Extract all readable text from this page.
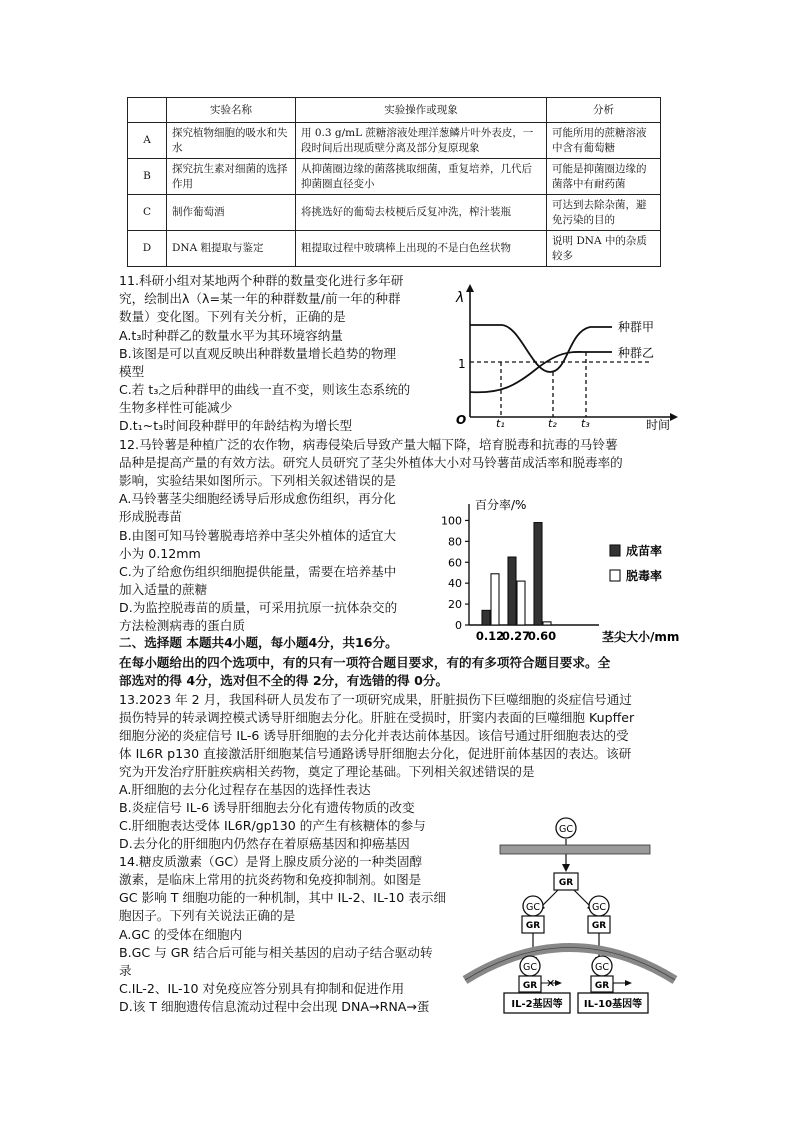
	实验名称	实验操作或现象	分析
A	探究植物细胞的吸水和失水	用 0.3 g/mL 蔗糖溶液处理洋葱鳞片叶外表皮，一段时间后出现质壁分离及部分复原现象	可能所用的蔗糖溶液中含有葡萄糖
B	探究抗生素对细菌的选择作用	从抑菌圈边缘的菌落挑取细菌，重复培养，几代后抑菌圈直径变小	可能是抑菌圈边缘的菌落中有耐药菌
C	制作葡萄酒	将挑选好的葡萄去枝梗后反复冲洗，榨汁装瓶	可达到去除杂菌，避免污染的目的
D	DNA 粗提取与鉴定	粗提取过程中玻璃棒上出现的不是白色丝状物	说明 DNA 中的杂质较多
11.科研小组对某地两个种群的数量变化进行多年研
究，绘制出λ（λ=某一年的种群数量/前一年的种群
数量）变化图。下列有关分析，正确的是
A.t₃时种群乙的数量水平为其环境容纳量
B.该图是可以直观反映出种群数量增长趋势的物理
模型
C.若 t₃之后种群甲的曲线一直不变，则该生态系统的
生物多样性可能减少
D.t₁~t₃时间段种群甲的年龄结构为增长型
λ
O
1
时间
t₁	t₂ t₃
种群甲
种群乙
12.马铃薯是种植广泛的农作物，病毒侵染后导致产量大幅下降，培育脱毒和抗毒的马铃薯
品种是提高产量的有效方法。研究人员研究了茎尖外植体大小对马铃薯苗成活率和脱毒率的
影响，实验结果如图所示。下列相关叙述错误的是
A.马铃薯茎尖细胞经诱导后形成愈伤组织，再分化
形成脱毒苗
B.由图可知马铃薯脱毒培养中茎尖外植体的适宜大
小为 0.12mm
C.为了给愈伤组织细胞提供能量，需要在培养基中
加入适量的蔗糖
D.为监控脱毒苗的质量，可采用抗原一抗体杂交的
方法检测病毒的蛋白质	0
20
40
60
80
100
百分率/%
0.12
0.27
0.60	茎尖大小/mm
成苗率
脱毒率
二、选择题 本题共4小题，每小题4分，共16分。
在每小题给出的四个选项中，有的只有一项符合题目要求，有的有多项符合题目要求。全
部选对的得 4分，选对但不全的得 2分，有选错的得 0分。
13.2023 年 2 月，我国科研人员发布了一项研究成果，肝脏损伤下巨噬细胞的炎症信号通过
损伤特异的转录调控模式诱导肝细胞去分化。肝脏在受损时，肝窦内表面的巨噬细胞 Kupffer
细胞分泌的炎症信号 IL-6 诱导肝细胞的去分化并表达前体基因。该信号通过肝细胞表达的受
体 IL6R p130 直接激活肝细胞某信号通路诱导肝细胞去分化，促进肝前体基因的表达。该研
究为开发治疗肝脏疾病相关药物，奠定了理论基础。下列相关叙述错误的是
A.肝细胞的去分化过程存在基因的选择性表达
B.炎症信号 IL-6 诱导肝细胞去分化有遗传物质的改变
C.肝细胞表达受体 IL6R/gp130 的产生有核糖体的参与
D.去分化的肝细胞内仍然存在着原癌基因和抑癌基因
14.糖皮质激素（GC）是肾上腺皮质分泌的一种类固醇
激素，是临床上常用的抗炎药物和免疫抑制剂。如图是
GC 影响 T 细胞功能的一种机制，其中 IL-2、IL-10 表示细
胞因子。下列有关说法正确的是
A.GC 的受体在细胞内
B.GC 与 GR 结合后可能与相关基因的启动子结合驱动转
录
C.IL-2、IL-10 对免疫应答分别具有抑制和促进作用
D.该 T 细胞遗传信息流动过程中会出现 DNA→RNA→蛋
GC
GR
GC
GR
GC
GR
GC
GR
GC
GR
✕
IL-2基因等 IL-10基因等
